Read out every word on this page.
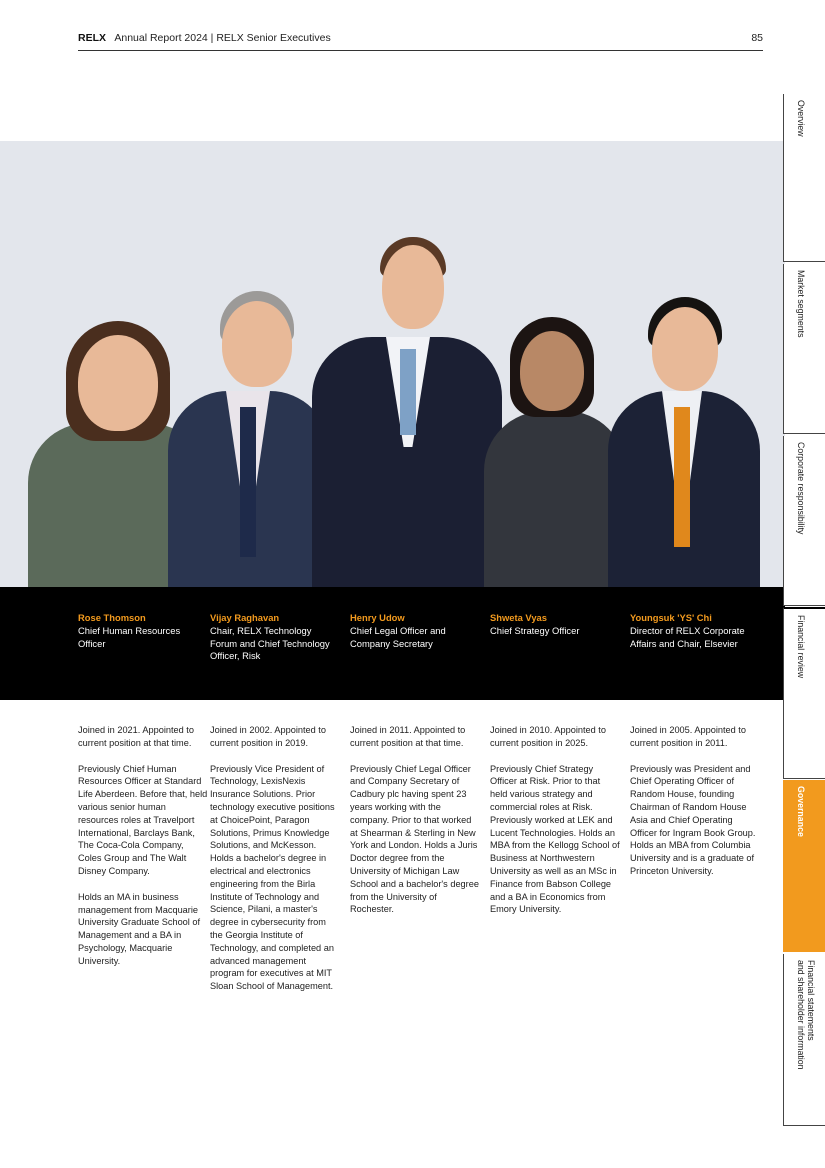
RELX Annual Report 2024 | RELX Senior Executives	85
Rose Thomson
Chief Human Resources Officer
Vijay Raghavan
Chair, RELX Technology Forum and Chief Technology Officer, Risk
Henry Udow
Chief Legal Officer and Company Secretary
Shweta Vyas
Chief Strategy Officer
Youngsuk 'YS' Chi
Director of RELX Corporate Affairs and Chair, Elsevier

Joined in 2021. Appointed to current position at that time.

Previously Chief Human Resources Officer at Standard Life Aberdeen. Before that, held various senior human resources roles at Travelport International, Barclays Bank, The Coca-Cola Company, Coles Group and The Walt Disney Company.

Holds an MA in business management from Macquarie University Graduate School of Management and a BA in Psychology, Macquarie University.

Joined in 2002. Appointed to current position in 2019.

Previously Vice President of Technology, LexisNexis Insurance Solutions. Prior technology executive positions at ChoicePoint, Paragon Solutions, Primus Knowledge Solutions, and McKesson. Holds a bachelor's degree in electrical and electronics engineering from the Birla Institute of Technology and Science, Pilani, a master's degree in cybersecurity from the Georgia Institute of Technology, and completed an advanced management program for executives at MIT Sloan School of Management.

Joined in 2011. Appointed to current position at that time.

Previously Chief Legal Officer and Company Secretary of Cadbury plc having spent 23 years working with the company. Prior to that worked at Shearman & Sterling in New York and London. Holds a Juris Doctor degree from the University of Michigan Law School and a bachelor's degree from the University of Rochester.

Joined in 2010. Appointed to current position in 2025.

Previously Chief Strategy Officer at Risk. Prior to that held various strategy and commercial roles at Risk. Previously worked at LEK and Lucent Technologies. Holds an MBA from the Kellogg School of Business at Northwestern University as well as an MSc in Finance from Babson College and a BA in Economics from Emory University.

Joined in 2005. Appointed to current position in 2011.

Previously was President and Chief Operating Officer of Random House, founding Chairman of Random House Asia and Chief Operating Officer for Ingram Book Group. Holds an MBA from Columbia University and is a graduate of Princeton University.

Overview
Market segments
Corporate responsibility
Financial review
Governance
Financial statements
and shareholder information
